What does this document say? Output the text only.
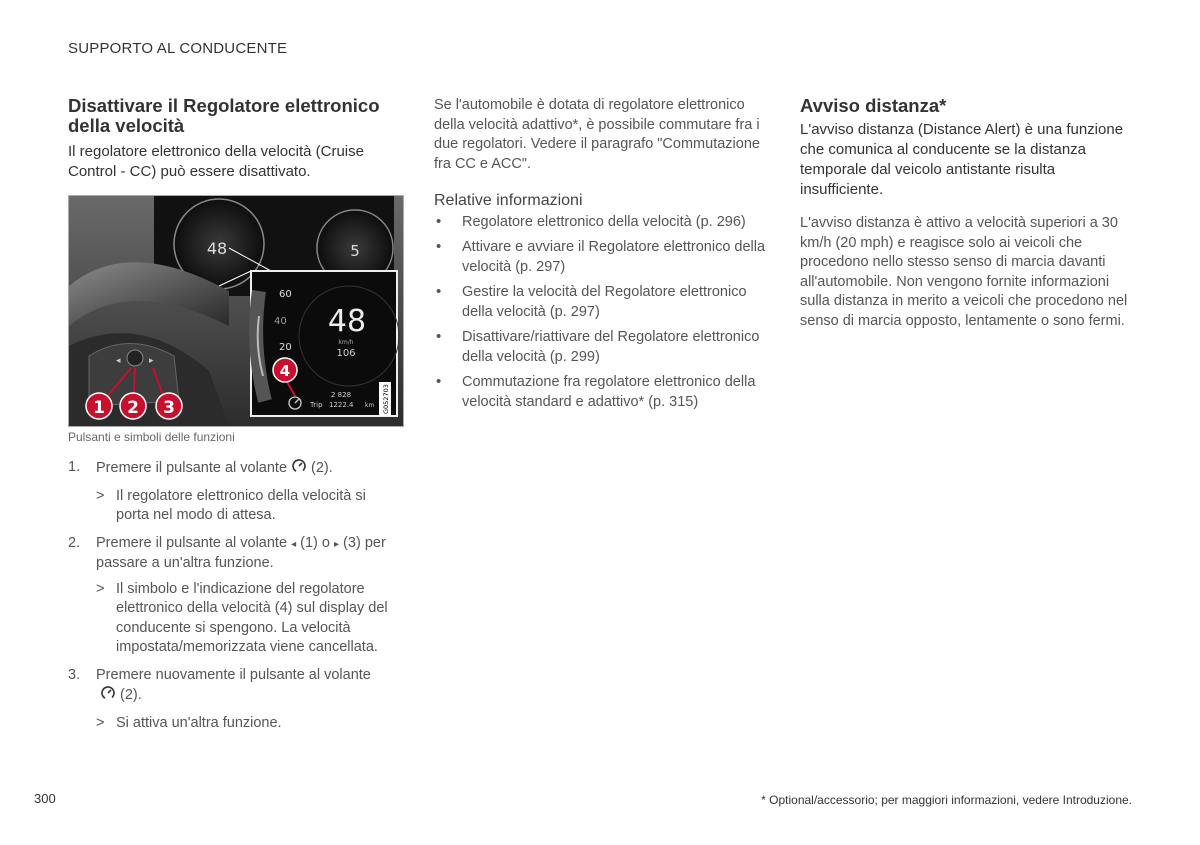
SUPPORTO AL CONDUCENTE
Disattivare il Regolatore elettronico della velocità
Il regolatore elettronico della velocità (Cruise Control - CC) può essere disattivato.
48	5
◂	▸
60
40
20
48
km/h
106
2 828
Trip 1222.4 km G052703
1 2 3
4
Pulsanti e simboli delle funzioni
1. Premere il pulsante al volante (2).
> Il regolatore elettronico della velocità si porta nel modo di attesa.
2. Premere il pulsante al volante ◂ (1) o ▸ (3) per passare a un'altra funzione.
> Il simbolo e l'indicazione del regolatore elettronico della velocità (4) sul display del conducente si spengono. La velocità impostata/memorizzata viene cancellata.
3. Premere nuovamente il pulsante al volante
(2).
> Si attiva un'altra funzione.
Se l'automobile è dotata di regolatore elettronico della velocità adattivo*, è possibile commutare fra i due regolatori. Vedere il paragrafo "Commutazione fra CC e ACC".
Relative informazioni
• Regolatore elettronico della velocità (p. 296)
• Attivare e avviare il Regolatore elettronico della velocità (p. 297)
• Gestire la velocità del Regolatore elettronico della velocità (p. 297)
• Disattivare/riattivare del Regolatore elettronico della velocità (p. 299)
• Commutazione fra regolatore elettronico della velocità standard e adattivo* (p. 315)
Avviso distanza*
L'avviso distanza (Distance Alert) è una funzione che comunica al conducente se la distanza temporale dal veicolo antistante risulta insufficiente.
L'avviso distanza è attivo a velocità superiori a 30 km/h (20 mph) e reagisce solo ai veicoli che procedono nello stesso senso di marcia davanti all'automobile. Non vengono fornite informazioni sulla distanza in merito a veicoli che procedono nel senso di marcia opposto, lentamente o sono fermi.
300	* Optional/accessorio; per maggiori informazioni, vedere Introduzione.
